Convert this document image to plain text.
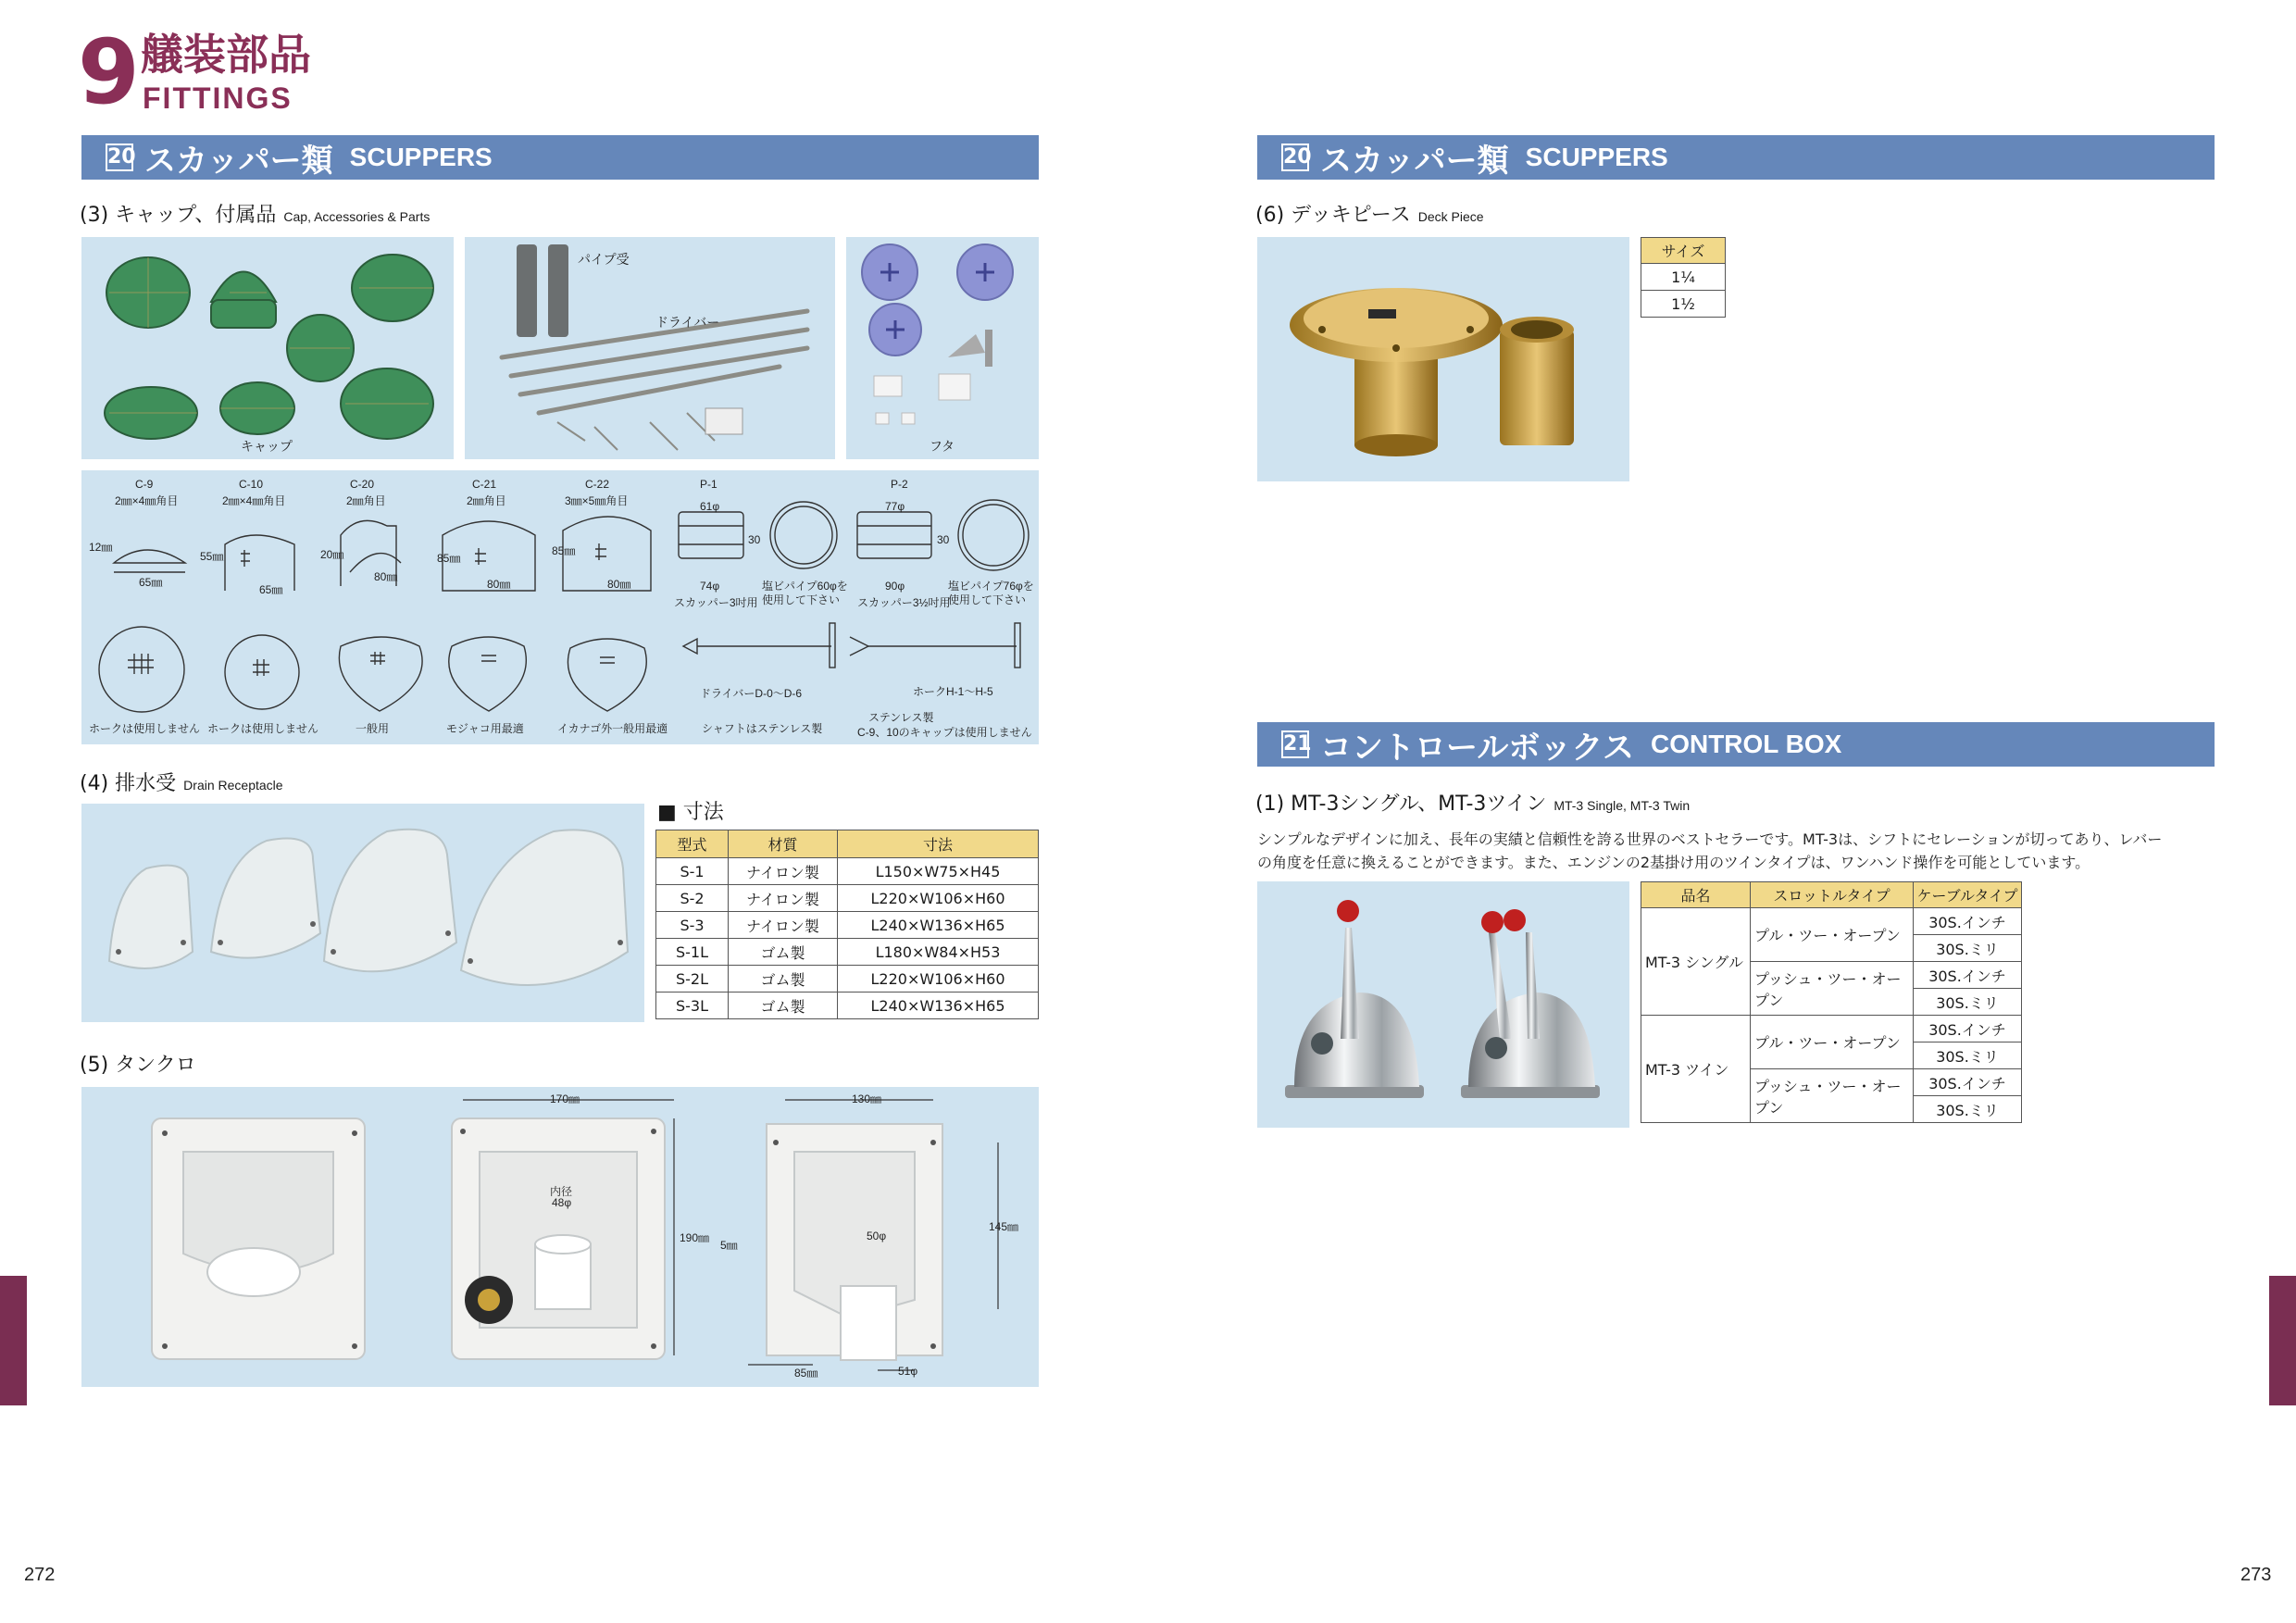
9 艤装部品
FITTINGS
20 スカッパー類 SCUPPERS
(3) キャップ、付属品 Cap, Accessories & Parts
キャップ
パイプ受
ドライバー
フタ
C-9
2㎜×4㎜角目
C-10
2㎜×4㎜角目
C-20
2㎜角目
C-21
2㎜角目
C-22
3㎜×5㎜角目
P-1	P-2
12㎜
65㎜
55㎜
65㎜
20㎜
80㎜
85㎜
80㎜
85㎜
80㎜
61φ
30
74φ
スカッパー3吋用
77φ
30
90φ
スカッパー3½吋用
塩ビパイプ60φを使用して下さい
塩ビパイプ76φを使用して下さい
ドライバーD-0～D-6	ホークH-1～H-5
ホークは使用しません ホークは使用しません	一般用	モジャコ用最適	イカナゴ外一般用最適	シャフトはステンレス製
ステンレス製
C-9、10のキャップは使用しません
(4) 排水受 Drain Receptacle
■ 寸法
型式	材質	寸法
S-1	ナイロン製	L150×W75×H45
S-2	ナイロン製	L220×W106×H60
S-3	ナイロン製	L240×W136×H65
S-1L	ゴム製	L180×W84×H53
S-2L	ゴム製	L220×W106×H60
S-3L	ゴム製	L240×W136×H65
(5) タンクロ
170㎜
190㎜
内径
48φ
130㎜
145㎜
5㎜
50φ
85㎜	51φ
272
20 スカッパー類 SCUPPERS
(6) デッキピース Deck Piece
サイズ
1¼
1½
21 コントロールボックス CONTROL BOX
(1) MT-3シングル、MT-3ツイン MT-3 Single, MT-3 Twin
シンプルなデザインに加え、長年の実績と信頼性を誇る世界のベストセラーです。MT-3は、シフトにセレーションが切ってあり、レバー
の角度を任意に換えることができます。また、エンジンの2基掛け用のツインタイプは、ワンハンド操作を可能としています。
品名	スロットルタイプ	ケーブルタイプ
MT-3 シングル	プル・ツー・オープン	30S.インチ
		30S.ミリ
	プッシュ・ツー・オープン	30S.インチ
		30S.ミリ
MT-3 ツイン	プル・ツー・オープン	30S.インチ
		30S.ミリ
	プッシュ・ツー・オープン	30S.インチ
		30S.ミリ
273
